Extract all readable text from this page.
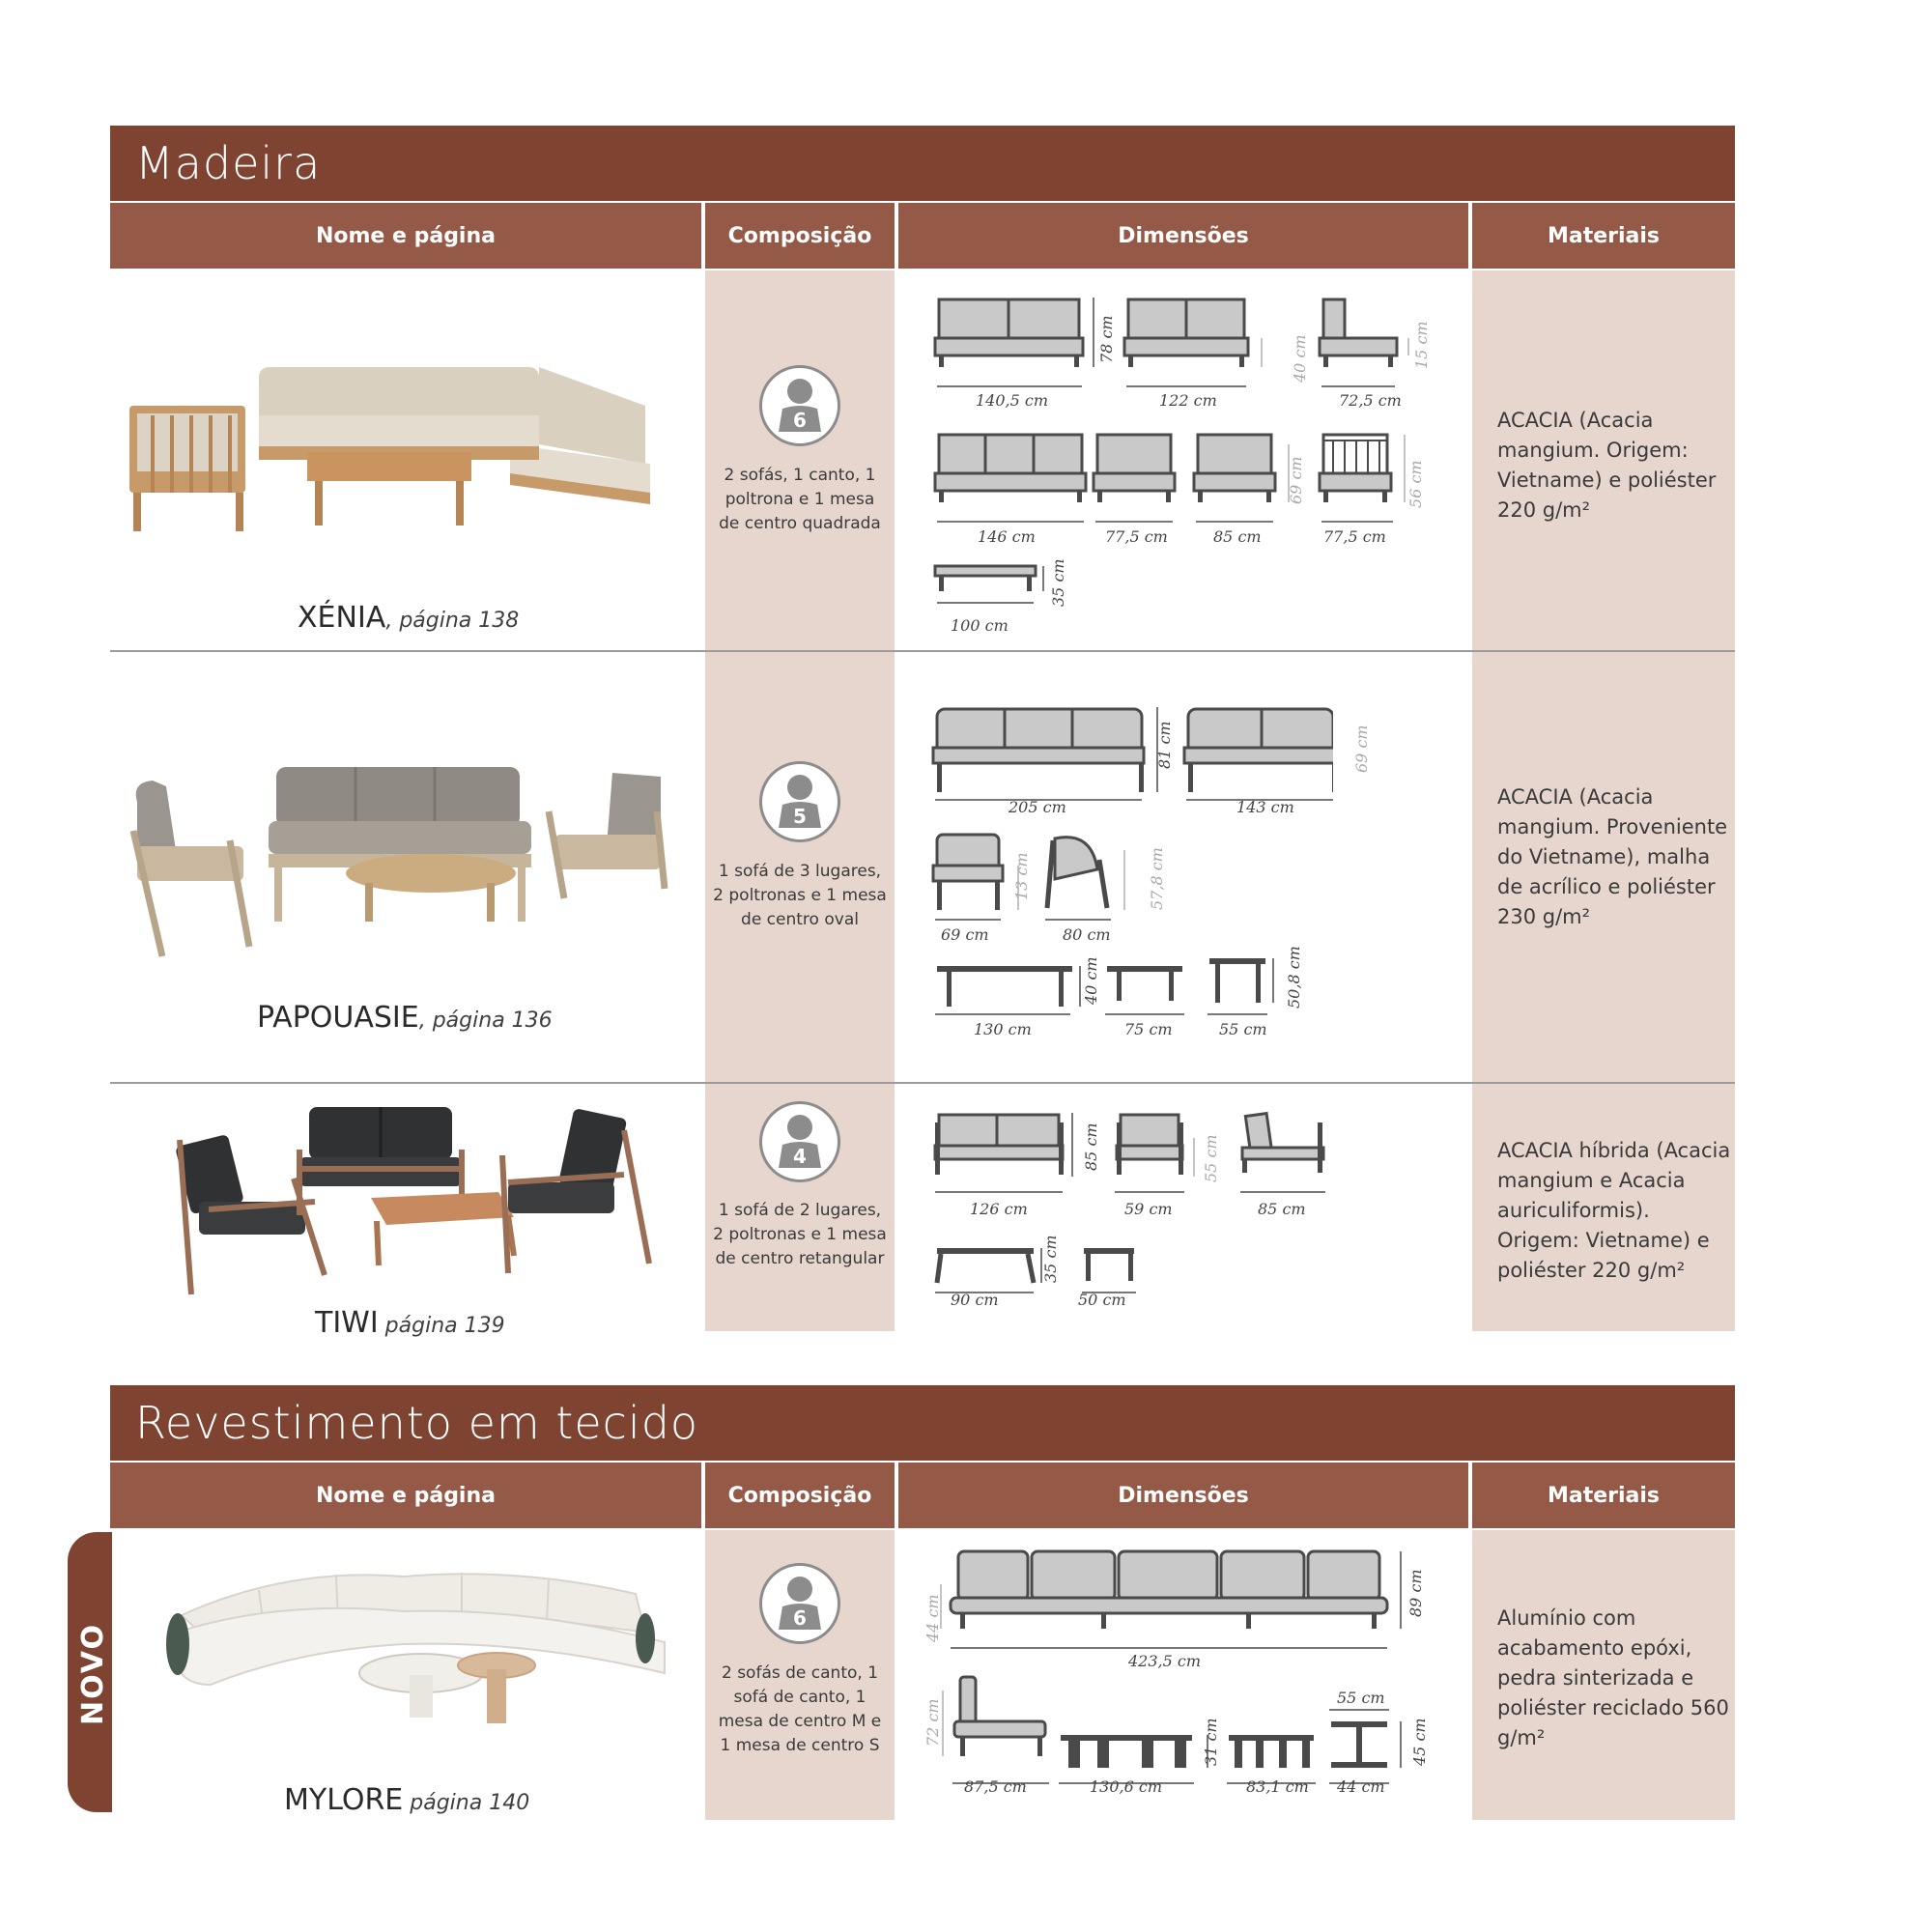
Madeira
Nome e página	Composição	Dimensões	Materiais
XÉNIA, página 138
6
2 sofás, 1 canto, 1 poltrona e 1 mesa de centro quadrada
140,5 cm
78 cm
122 cm
40 cm
72,5 cm
15 cm
146 cm	77,5 cm	85 cm
69 cm
77,5 cm
56 cm
100 cm
35 cm
ACACIA (Acacia mangium. Origem: Vietname) e poliéster 220 g/m²
PAPOUASIE, página 136
5
1 sofá de 3 lugares, 2 poltronas e 1 mesa de centro oval
205 cm
81 cm
143 cm
69 cm
69 cm
13 cm
80 cm
57,8 cm
130 cm
40 cm
75 cm	55 cm
50,8 cm
ACACIA (Acacia mangium. Proveniente do Vietname), malha de acrílico e poliéster 230 g/m²
TIWI página 139
4
1 sofá de 2 lugares, 2 poltronas e 1 mesa de centro retangular
126 cm
85 cm
59 cm
55 cm
85 cm
90 cm
35 cm
50 cm
ACACIA híbrida (Acacia mangium e Acacia auriculiformis). Origem: Vietname) e poliéster 220 g/m²
Revestimento em tecido
Nome e página	Composição	Dimensões	Materiais
NOVO
MYLORE página 140
6
2 sofás de canto, 1 sofá de canto, 1 mesa de centro M e 1 mesa de centro S
423,5 cm
89 cm
44 cm
87,5 cm
72 cm
130,6 cm
31 cm
83,1 cm
55 cm
44 cm
45 cm
Alumínio com acabamento epóxi, pedra sinterizada e poliéster reciclado 560 g/m²
